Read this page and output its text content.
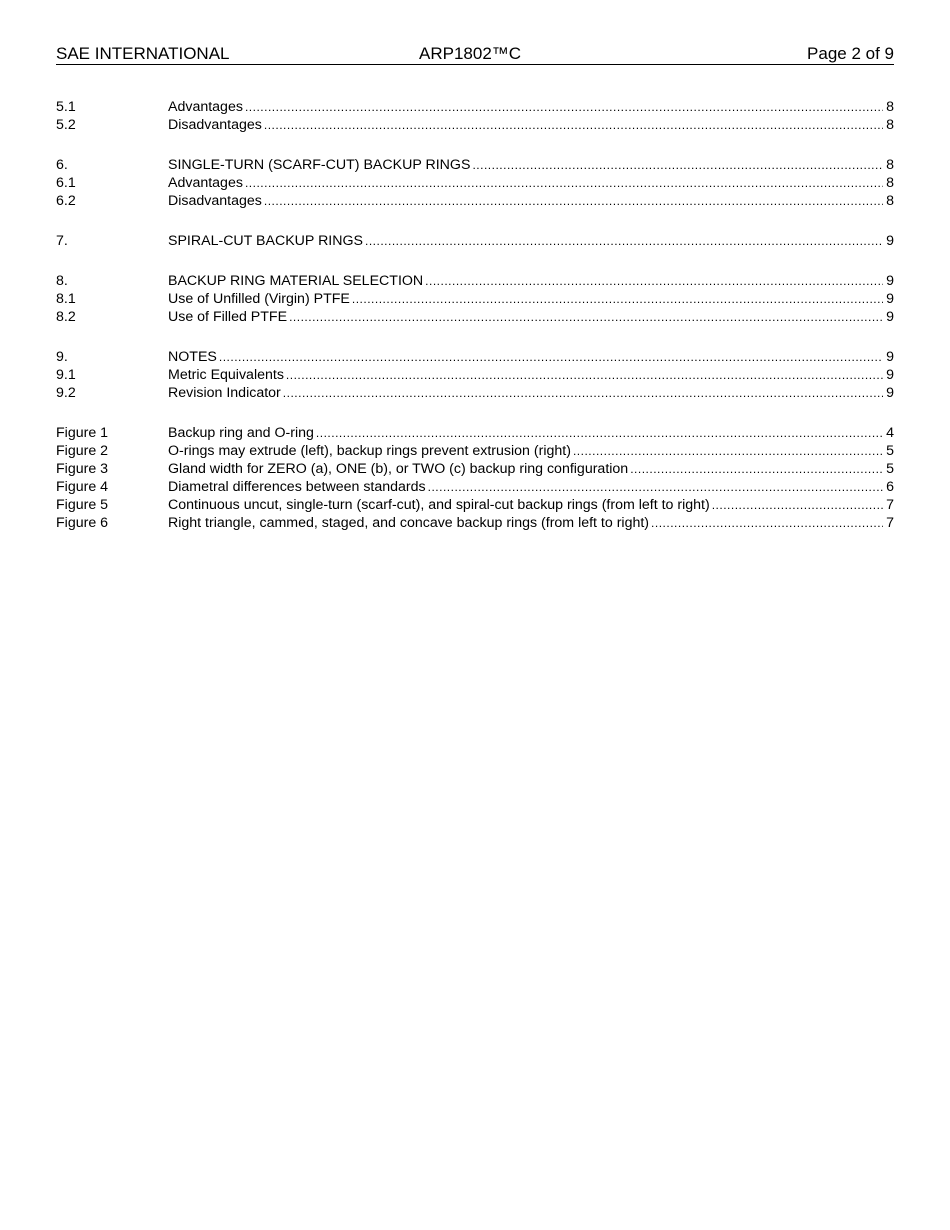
SAE INTERNATIONAL	ARP1802™C	Page 2 of 9
5.1	Advantages .....	8
5.2	Disadvantages .....	8
6.	SINGLE-TURN (SCARF-CUT) BACKUP RINGS .....	8
6.1	Advantages .....	8
6.2	Disadvantages .....	8
7.	SPIRAL-CUT BACKUP RINGS .....	9
8.	BACKUP RING MATERIAL SELECTION .....	9
8.1	Use of Unfilled (Virgin) PTFE .....	9
8.2	Use of Filled PTFE .....	9
9.	NOTES .....	9
9.1	Metric Equivalents .....	9
9.2	Revision Indicator .....	9
Figure 1	Backup ring and O-ring .....	4
Figure 2	O-rings may extrude (left), backup rings prevent extrusion (right) .....	5
Figure 3	Gland width for ZERO (a), ONE (b), or TWO (c) backup ring configuration .....	5
Figure 4	Diametral differences between standards .....	6
Figure 5	Continuous uncut, single-turn (scarf-cut), and spiral-cut backup rings (from left to right) .....	7
Figure 6	Right triangle, cammed, staged, and concave backup rings (from left to right) .....	7
